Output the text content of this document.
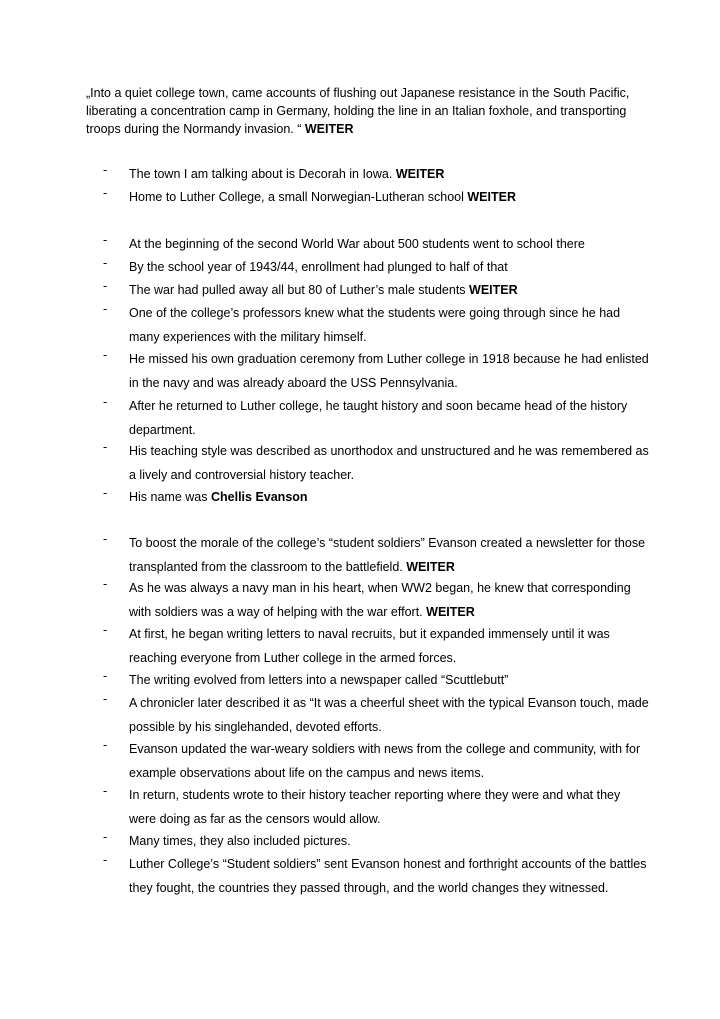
„Into a quiet college town, came accounts of flushing out Japanese resistance in the South Pacific, liberating a concentration camp in Germany, holding the line in an Italian foxhole, and transporting troops during the Normandy invasion. “ WEITER

-	The town I am talking about is Decorah in Iowa. WEITER
-	Home to Luther College, a small Norwegian-Lutheran school WEITER
-	At the beginning of the second World War about 500 students went to school there
-	By the school year of 1943/44, enrollment had plunged to half of that
-	The war had pulled away all but 80 of Luther’s male students WEITER
-	One of the college’s professors knew what the students were going through since he had many experiences with the military himself.
-	He missed his own graduation ceremony from Luther college in 1918 because he had enlisted in the navy and was already aboard the USS Pennsylvania.
-	After he returned to Luther college, he taught history and soon became head of the history department.
-	His teaching style was described as unorthodox and unstructured and he was remembered as a lively and controversial history teacher.
-	His name was Chellis Evanson
-	To boost the morale of the college’s “student soldiers” Evanson created a newsletter for those transplanted from the classroom to the battlefield. WEITER
-	As he was always a navy man in his heart, when WW2 began, he knew that corresponding with soldiers was a way of helping with the war effort. WEITER
-	At first, he began writing letters to naval recruits, but it expanded immensely until it was reaching everyone from Luther college in the armed forces.
-	The writing evolved from letters into a newspaper called “Scuttlebutt”
-	A chronicler later described it as “It was a cheerful sheet with the typical Evanson touch, made possible by his singlehanded, devoted efforts.
-	Evanson updated the war-weary soldiers with news from the college and community, with for example observations about life on the campus and news items.
-	In return, students wrote to their history teacher reporting where they were and what they were doing as far as the censors would allow.
-	Many times, they also included pictures.
-	Luther College’s “Student soldiers” sent Evanson honest and forthright accounts of the battles they fought, the countries they passed through, and the world changes they witnessed.
